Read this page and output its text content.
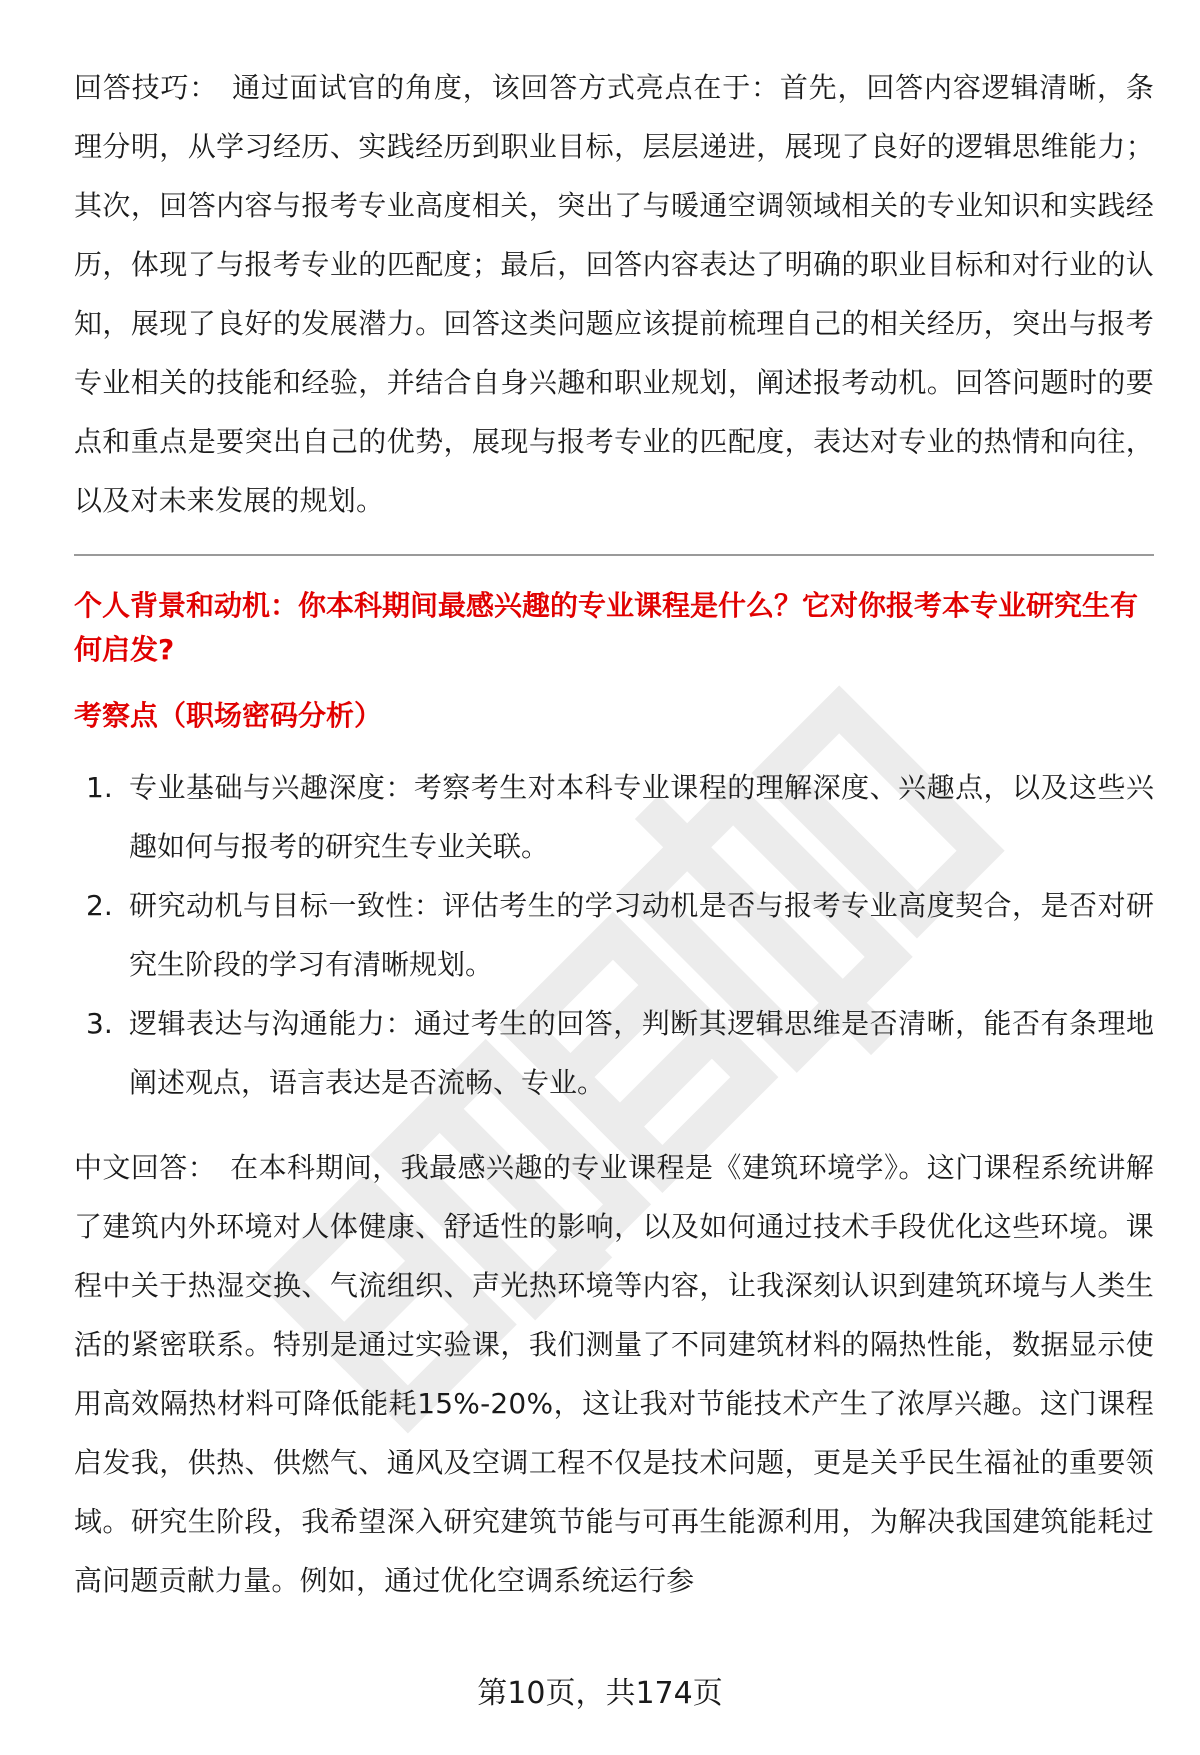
职场密码出品

回答技巧： 通过面试官的角度，该回答方式亮点在于：首先，回答内容逻辑清晰，条理分明，从学习经历、实践经历到职业目标，层层递进，展现了良好的逻辑思维能力；其次，回答内容与报考专业高度相关，突出了与暖通空调领域相关的专业知识和实践经历，体现了与报考专业的匹配度；最后，回答内容表达了明确的职业目标和对行业的认知，展现了良好的发展潜力。回答这类问题应该提前梳理自己的相关经历，突出与报考专业相关的技能和经验，并结合自身兴趣和职业规划，阐述报考动机。回答问题时的要点和重点是要突出自己的优势，展现与报考专业的匹配度，表达对专业的热情和向往，以及对未来发展的规划。

个人背景和动机：你本科期间最感兴趣的专业课程是什么？它对你报考本专业研究生有何启发?

考察点（职场密码分析）

1. 专业基础与兴趣深度：考察考生对本科专业课程的理解深度、兴趣点，以及这些兴趣如何与报考的研究生专业关联。
2. 研究动机与目标一致性：评估考生的学习动机是否与报考专业高度契合，是否对研究生阶段的学习有清晰规划。
3. 逻辑表达与沟通能力：通过考生的回答，判断其逻辑思维是否清晰，能否有条理地阐述观点，语言表达是否流畅、专业。

中文回答： 在本科期间，我最感兴趣的专业课程是《建筑环境学》。这门课程系统讲解了建筑内外环境对人体健康、舒适性的影响，以及如何通过技术手段优化这些环境。课程中关于热湿交换、气流组织、声光热环境等内容，让我深刻认识到建筑环境与人类生活的紧密联系。特别是通过实验课，我们测量了不同建筑材料的隔热性能，数据显示使用高效隔热材料可降低能耗15%-20%，这让我对节能技术产生了浓厚兴趣。这门课程启发我，供热、供燃气、通风及空调工程不仅是技术问题，更是关乎民生福祉的重要领域。研究生阶段，我希望深入研究建筑节能与可再生能源利用，为解决我国建筑能耗过高问题贡献力量。例如，通过优化空调系统运行参

第10页，共174页
